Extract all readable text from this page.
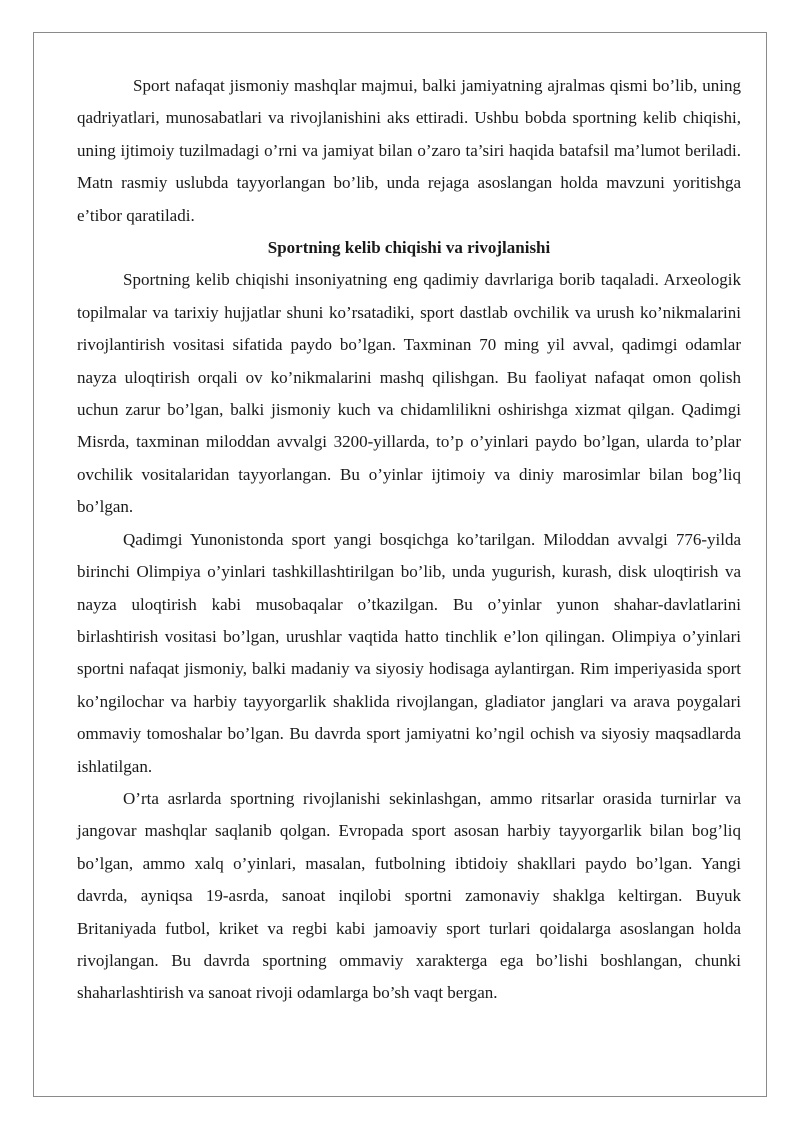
Sport nafaqat jismoniy mashqlar majmui, balki jamiyatning ajralmas qismi bo’lib, uning qadriyatlari, munosabatlari va rivojlanishini aks ettiradi. Ushbu bobda sportning kelib chiqishi, uning ijtimoiy tuzilmadagi o’rni va jamiyat bilan o’zaro ta’siri haqida batafsil ma’lumot beriladi. Matn rasmiy uslubda tayyorlangan bo’lib, unda rejaga asoslangan holda mavzuni yoritishga e’tibor qaratiladi.

Sportning kelib chiqishi va rivojlanishi

Sportning kelib chiqishi insoniyatning eng qadimiy davrlariga borib taqaladi. Arxeologik topilmalar va tarixiy hujjatlar shuni ko’rsatadiki, sport dastlab ovchilik va urush ko’nikmalarini rivojlantirish vositasi sifatida paydo bo’lgan. Taxminan 70 ming yil avval, qadimgi odamlar nayza uloqtirish orqali ov ko’nikmalarini mashq qilishgan. Bu faoliyat nafaqat omon qolish uchun zarur bo’lgan, balki jismoniy kuch va chidamlilikni oshirishga xizmat qilgan. Qadimgi Misrda, taxminan miloddan avvalgi 3200-yillarda, to’p o’yinlari paydo bo’lgan, ularda to’plar ovchilik vositalaridan tayyorlangan. Bu o’yinlar ijtimoiy va diniy marosimlar bilan bog’liq bo’lgan.

Qadimgi Yunonistonda sport yangi bosqichga ko’tarilgan. Miloddan avvalgi 776-yilda birinchi Olimpiya o’yinlari tashkillashtirilgan bo’lib, unda yugurish, kurash, disk uloqtirish va nayza uloqtirish kabi musobaqalar o’tkazilgan. Bu o’yinlar yunon shahar-davlatlarini birlashtirish vositasi bo’lgan, urushlar vaqtida hatto tinchlik e’lon qilingan. Olimpiya o’yinlari sportni nafaqat jismoniy, balki madaniy va siyosiy hodisaga aylantirgan. Rim imperiyasida sport ko’ngilochar va harbiy tayyorgarlik shaklida rivojlangan, gladiator janglari va arava poygalari ommaviy tomoshalar bo’lgan. Bu davrda sport jamiyatni ko’ngil ochish va siyosiy maqsadlarda ishlatilgan.

O’rta asrlarda sportning rivojlanishi sekinlashgan, ammo ritsarlar orasida turnirlar va jangovar mashqlar saqlanib qolgan. Evropada sport asosan harbiy tayyorgarlik bilan bog’liq bo’lgan, ammo xalq o’yinlari, masalan, futbolning ibtidoiy shakllari paydo bo’lgan. Yangi davrda, ayniqsa 19-asrda, sanoat inqilobi sportni zamonaviy shaklga keltirgan. Buyuk Britaniyada futbol, kriket va regbi kabi jamoaviy sport turlari qoidalarga asoslangan holda rivojlangan. Bu davrda sportning ommaviy xarakterga ega bo’lishi boshlangan, chunki shaharlashtirish va sanoat rivoji odamlarga bo’sh vaqt bergan.
